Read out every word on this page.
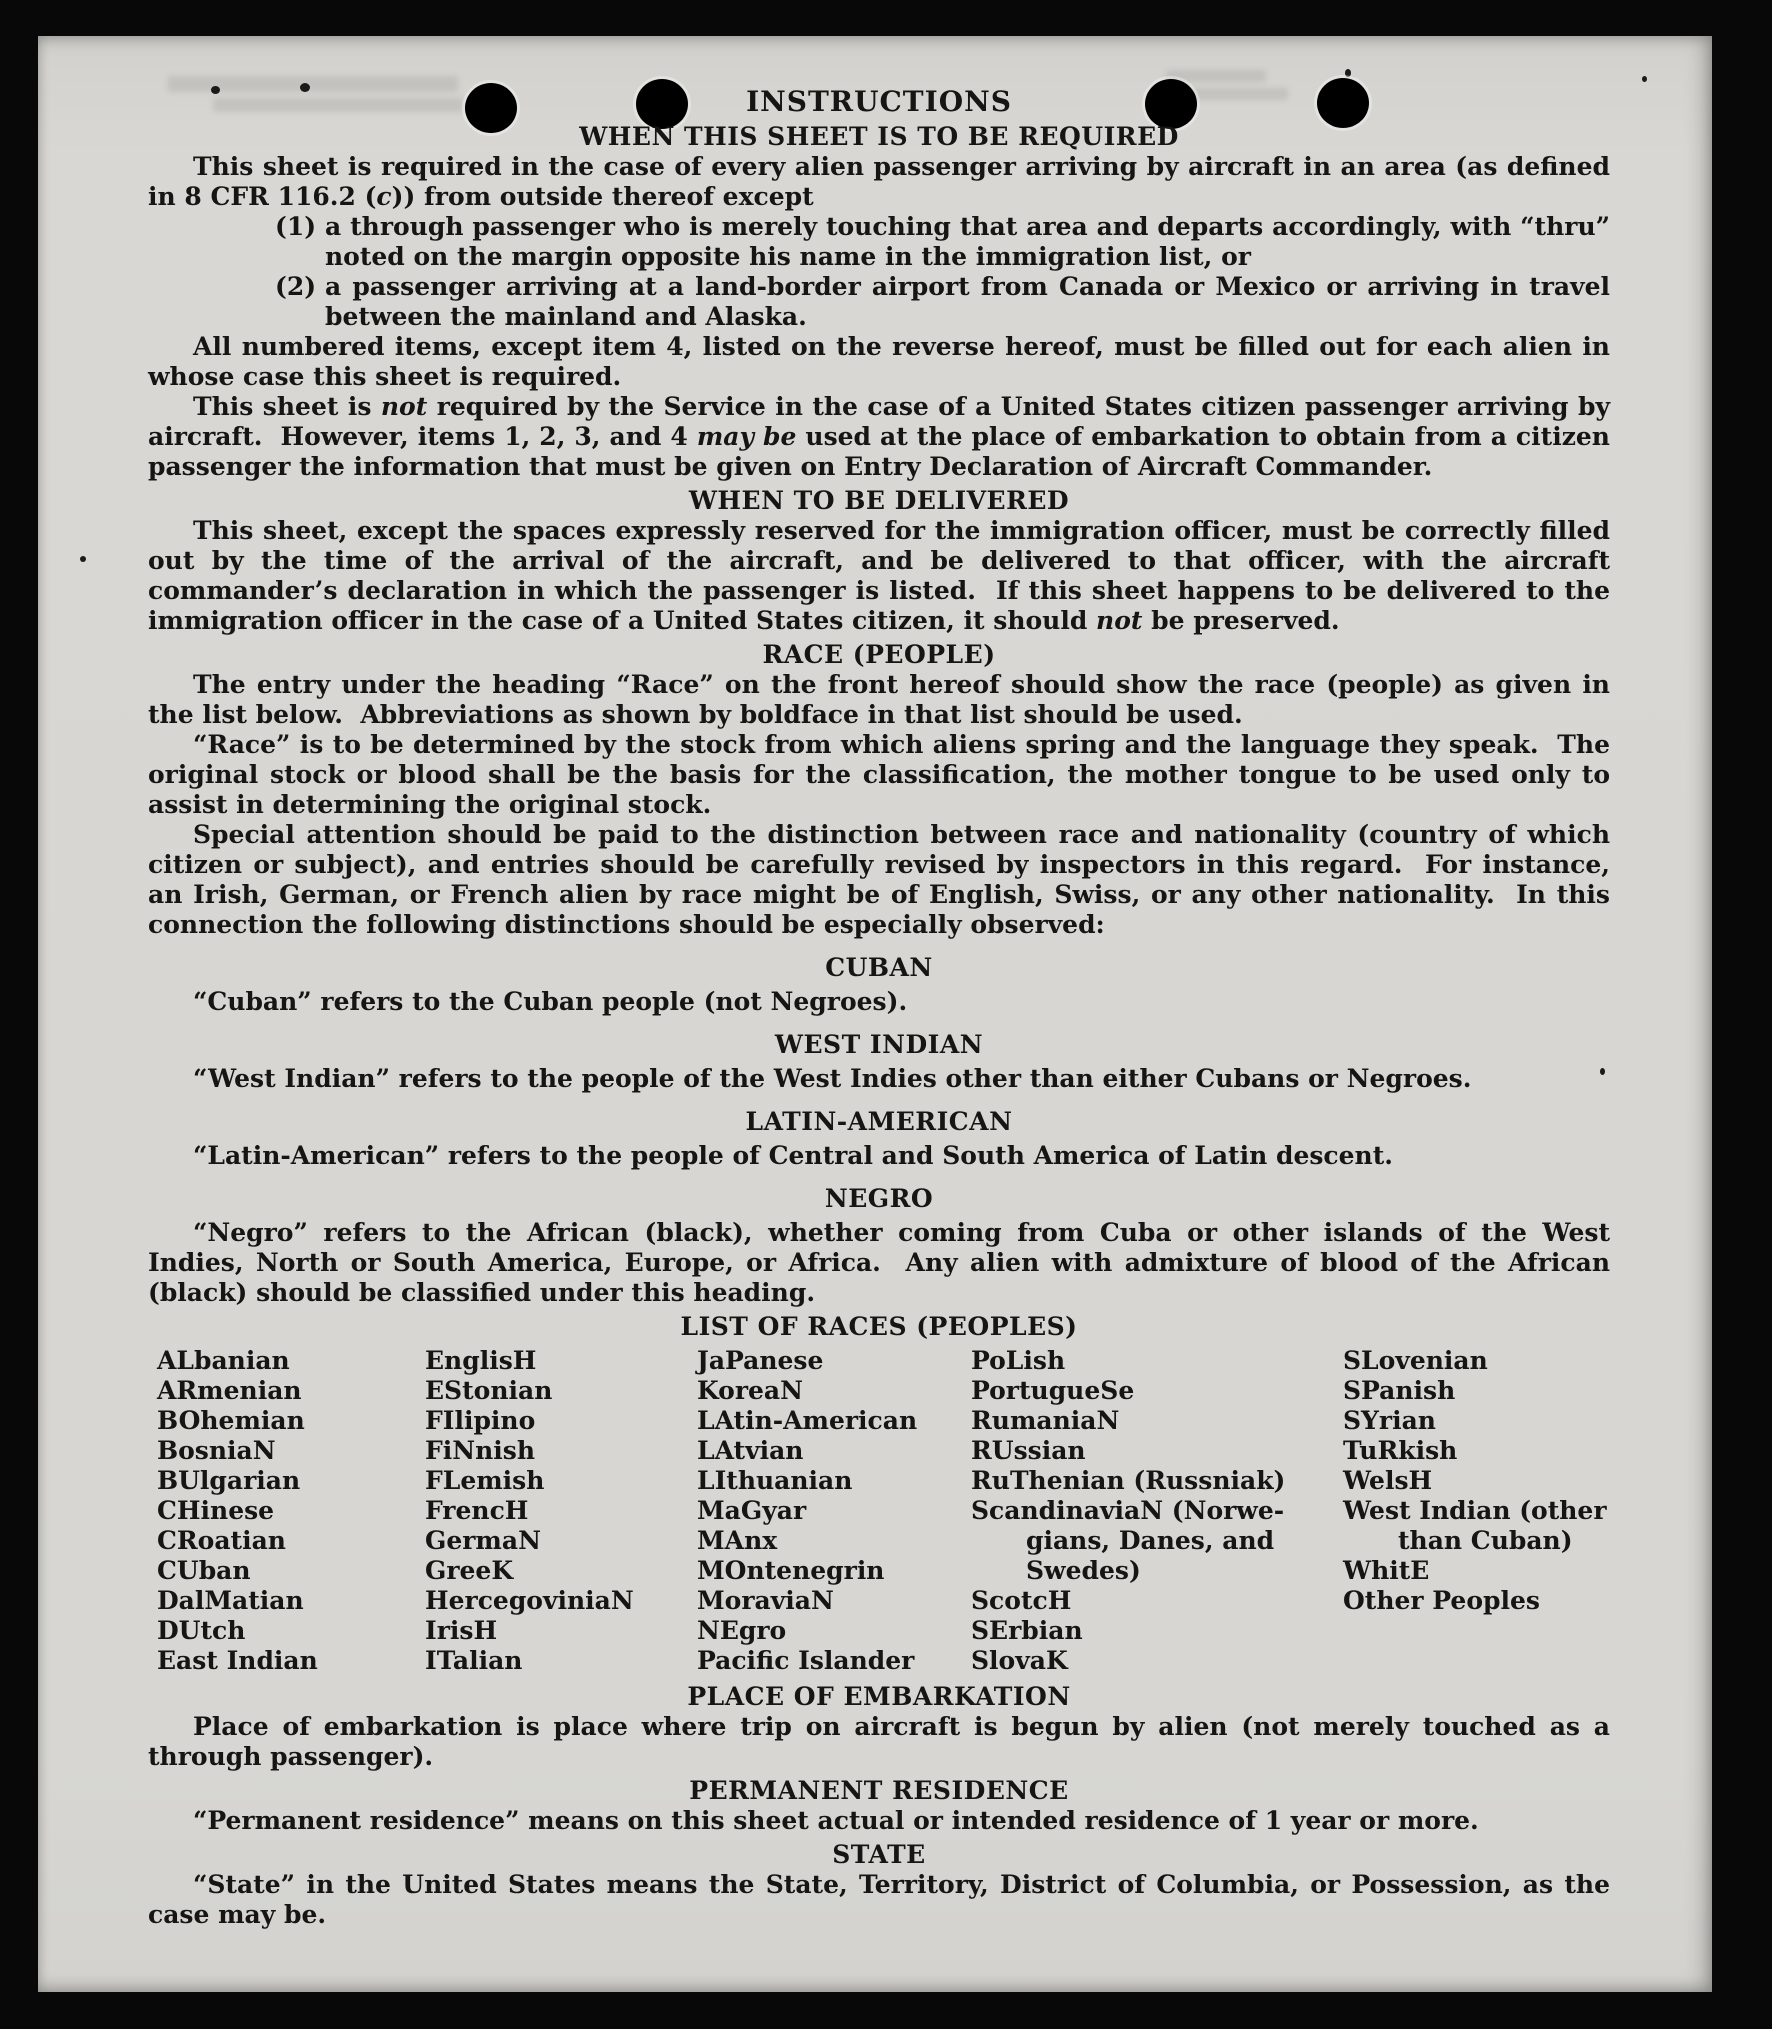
INSTRUCTIONS
WHEN THIS SHEET IS TO BE REQUIRED

This sheet is required in the case of every alien passenger arriving by aircraft in an area (as defined in 8 CFR 116.2 (c)) from outside thereof except

(1) a through passenger who is merely touching that area and departs accordingly, with “thru” noted on the margin opposite his name in the immigration list, or
(2) a passenger arriving at a land-border airport from Canada or Mexico or arriving in travel between the mainland and Alaska.

All numbered items, except item 4, listed on the reverse hereof, must be filled out for each alien in whose case this sheet is required.

This sheet is not required by the Service in the case of a United States citizen passenger arriving by aircraft.  However, items 1, 2, 3, and 4 may be used at the place of embarkation to obtain from a citizen passenger the information that must be given on Entry Declaration of Aircraft Commander.

WHEN TO BE DELIVERED

This sheet, except the spaces expressly reserved for the immigration officer, must be correctly filled out by the time of the arrival of the aircraft, and be delivered to that officer, with the aircraft commander’s declaration in which the passenger is listed.  If this sheet happens to be delivered to the immigration officer in the case of a United States citizen, it should not be preserved.

RACE (PEOPLE)

The entry under the heading “Race” on the front hereof should show the race (people) as given in the list below.  Abbreviations as shown by boldface in that list should be used.

“Race” is to be determined by the stock from which aliens spring and the language they speak.  The original stock or blood shall be the basis for the classification, the mother tongue to be used only to assist in determining the original stock.

Special attention should be paid to the distinction between race and nationality (country of which citizen or subject), and entries should be carefully revised by inspectors in this regard.  For instance, an Irish, German, or French alien by race might be of English, Swiss, or any other nationality.  In this connection the following distinctions should be especially observed:

CUBAN

“Cuban” refers to the Cuban people (not Negroes).

WEST INDIAN

“West Indian” refers to the people of the West Indies other than either Cubans or Negroes.

LATIN-AMERICAN

“Latin-American” refers to the people of Central and South America of Latin descent.

NEGRO

“Negro” refers to the African (black), whether coming from Cuba or other islands of the West Indies, North or South America, Europe, or Africa.  Any alien with admixture of blood of the African (black) should be classified under this heading.

LIST OF RACES (PEOPLES)
ALbanian
ARmenian
BOhemian
BosniaN
BUlgarian
CHinese
CRoatian
CUban
DalMatian
DUtch
East Indian
EnglisH
EStonian
FIlipino
FiNnish
FLemish
FrencH
GermaN
GreeK
HercegoviniaN
IrisH
ITalian
JaPanese
KoreaN
LAtin-American
LAtvian
LIthuanian
MaGyar
MAnx
MOntenegrin
MoraviaN
NEgro
Pacific Islander
PoLish
PortugueSe
RumaniaN
RUssian
RuThenian (Russniak)
ScandinaviaN (Norwe-
gians, Danes, and
Swedes)
ScotcH
SErbian
SlovaK
SLovenian
SPanish
SYrian
TuRkish
WelsH
West Indian (other
than Cuban)
WhitE
Other Peoples
PLACE OF EMBARKATION

Place of embarkation is place where trip on aircraft is begun by alien (not merely touched as a through passenger).

PERMANENT RESIDENCE

“Permanent residence” means on this sheet actual or intended residence of 1 year or more.

STATE

“State” in the United States means the State, Territory, District of Columbia, or Possession, as the case may be.
